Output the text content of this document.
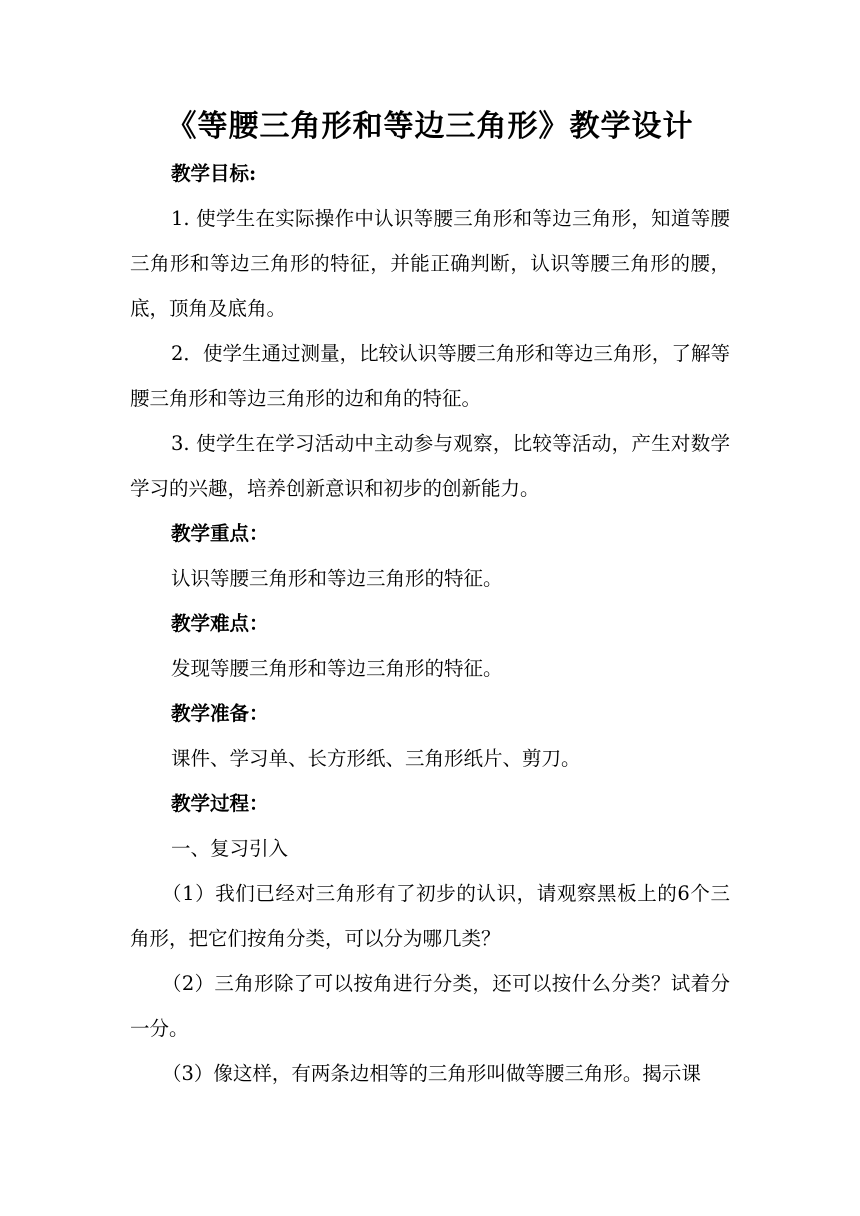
《等腰三角形和等边三角形》教学设计

教学目标:

1. 使学生在实际操作中认识等腰三角形和等边三角形，知道等腰三角形和等边三角形的特征，并能正确判断，认识等腰三角形的腰，底，顶角及底角。

2．使学生通过测量，比较认识等腰三角形和等边三角形，了解等腰三角形和等边三角形的边和角的特征。

3. 使学生在学习活动中主动参与观察，比较等活动，产生对数学学习的兴趣，培养创新意识和初步的创新能力。

教学重点：

认识等腰三角形和等边三角形的特征。

教学难点：

发现等腰三角形和等边三角形的特征。

教学准备：

课件、学习单、长方形纸、三角形纸片、剪刀。

教学过程：

一、复习引入

（1）我们已经对三角形有了初步的认识，请观察黑板上的6个三角形，把它们按角分类，可以分为哪几类？

（2）三角形除了可以按角进行分类，还可以按什么分类？试着分一分。

（3）像这样，有两条边相等的三角形叫做等腰三角形。揭示课
